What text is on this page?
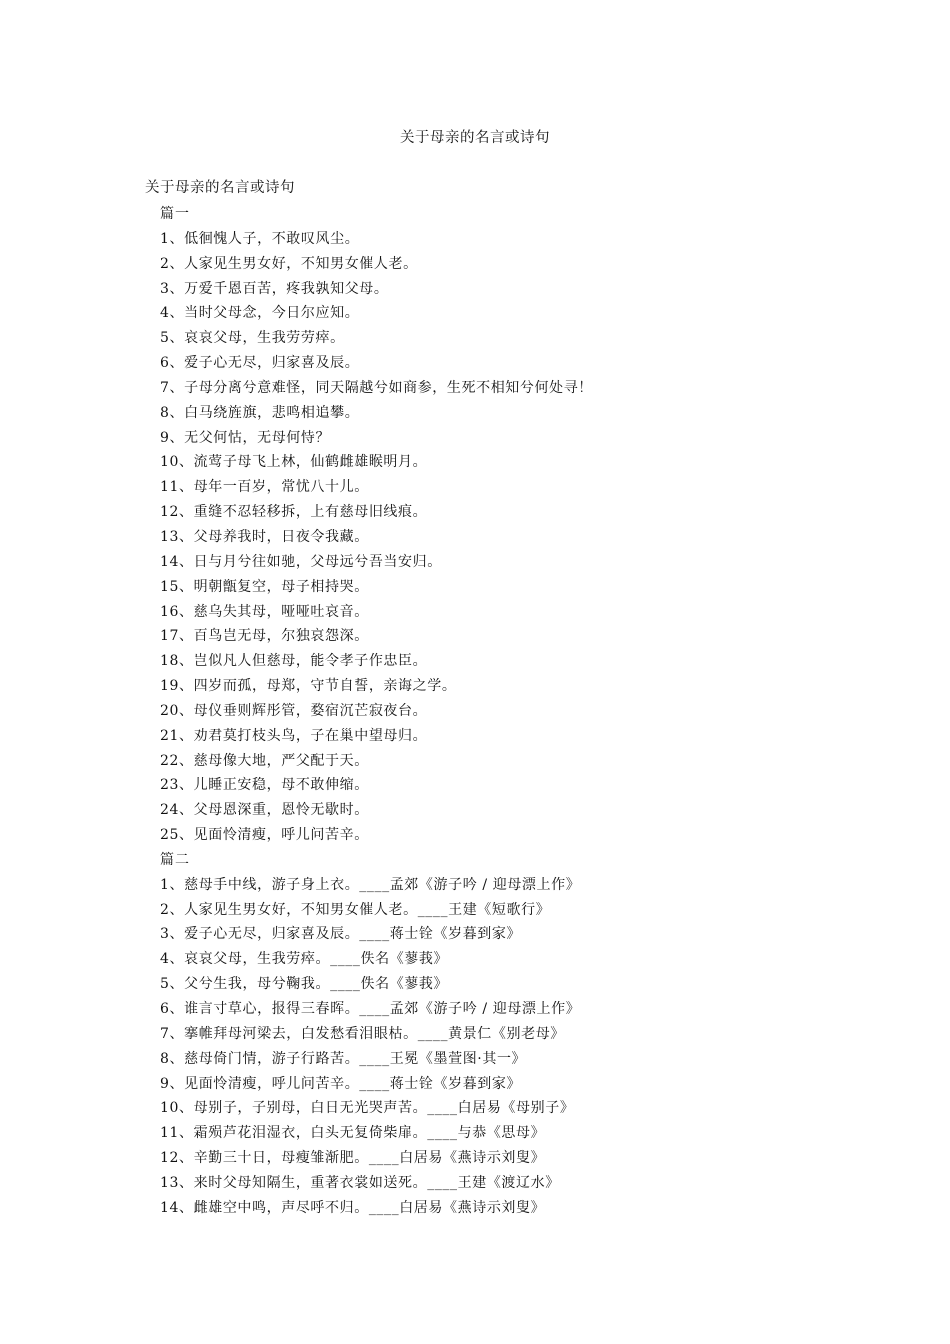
关于母亲的名言或诗句
关于母亲的名言或诗句
篇一
1、低徊愧人子，不敢叹风尘。
2、人家见生男女好，不知男女催人老。
3、万爱千恩百苦，疼我孰知父母。
4、当时父母念，今日尔应知。
5、哀哀父母，生我劳劳瘁。
6、爱子心无尽，归家喜及辰。
7、子母分离兮意难怪，同天隔越兮如商参，生死不相知兮何处寻！
8、白马绕旌旗，悲鸣相追攀。
9、无父何怙，无母何恃？
10、流莺子母飞上林，仙鹤雌雄睺明月。
11、母年一百岁，常忧八十儿。
12、重缝不忍轻移拆，上有慈母旧线痕。
13、父母养我时，日夜令我藏。
14、日与月兮往如驰，父母远兮吾当安归。
15、明朝甑复空，母子相持哭。
16、慈乌失其母，哑哑吐哀音。
17、百鸟岂无母，尔独哀怨深。
18、岂似凡人但慈母，能令孝子作忠臣。
19、四岁而孤，母郑，守节自誓，亲诲之学。
20、母仪垂则辉彤管，婺宿沉芒寂夜台。
21、劝君莫打枝头鸟，子在巢中望母归。
22、慈母像大地，严父配于天。
23、儿睡正安稳，母不敢伸缩。
24、父母恩深重，恩怜无歇时。
25、见面怜清瘦，呼儿问苦辛。
篇二
1、慈母手中线，游子身上衣。____孟郊《游子吟 / 迎母漂上作》
2、人家见生男女好，不知男女催人老。____王建《短歌行》
3、爱子心无尽，归家喜及辰。____蒋士铨《岁暮到家》
4、哀哀父母，生我劳瘁。____佚名《蓼莪》
5、父兮生我，母兮鞠我。____佚名《蓼莪》
6、谁言寸草心，报得三春晖。____孟郊《游子吟 / 迎母漂上作》
7、搴帷拜母河梁去，白发愁看泪眼枯。____黄景仁《别老母》
8、慈母倚门情，游子行路苦。____王冕《墨萱图·其一》
9、见面怜清瘦，呼儿问苦辛。____蒋士铨《岁暮到家》
10、母别子，子别母，白日无光哭声苦。____白居易《母别子》
11、霜殒芦花泪湿衣，白头无复倚柴扉。____与恭《思母》
12、辛勤三十日，母瘦雏渐肥。____白居易《燕诗示刘叟》
13、来时父母知隔生，重著衣裳如送死。____王建《渡辽水》
14、雌雄空中鸣，声尽呼不归。____白居易《燕诗示刘叟》
